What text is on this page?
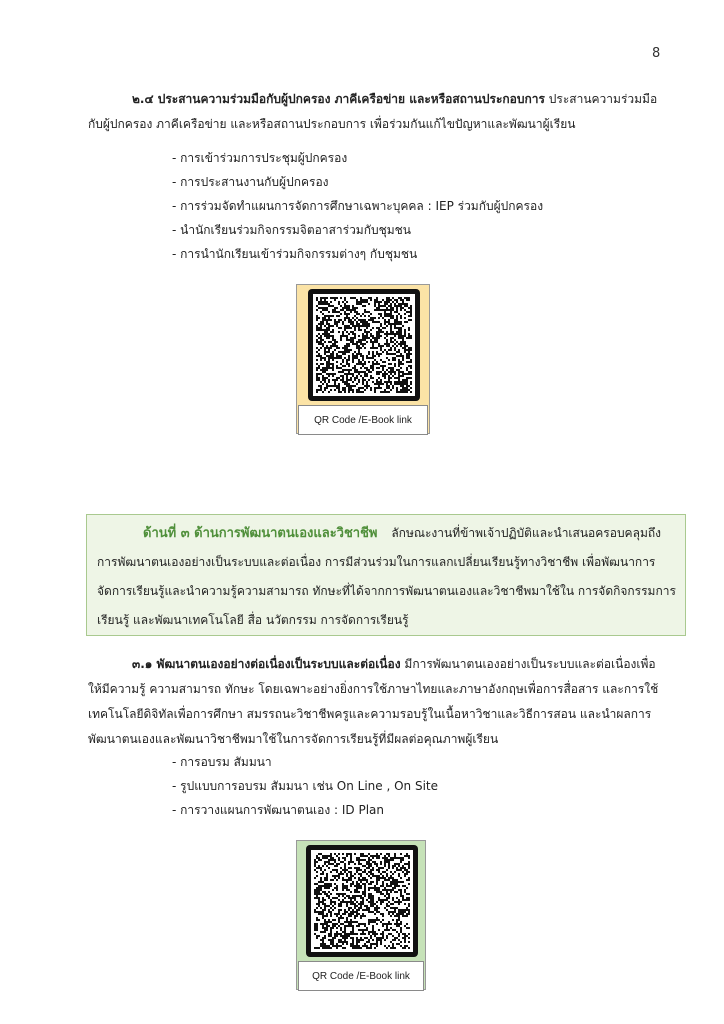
8
๒.๔ ประสานความร่วมมือกับผู้ปกครอง ภาคีเครือข่าย และหรือสถานประกอบการ ประสานความร่วมมือกับผู้ปกครอง ภาคีเครือข่าย และหรือสถานประกอบการ เพื่อร่วมกันแก้ไขปัญหาและพัฒนาผู้เรียน
- การเข้าร่วมการประชุมผู้ปกครอง
- การประสานงานกับผู้ปกครอง
- การร่วมจัดทำแผนการจัดการศึกษาเฉพาะบุคคล : IEP ร่วมกับผู้ปกครอง
- นำนักเรียนร่วมกิจกรรมจิตอาสาร่วมกับชุมชน
- การนำนักเรียนเข้าร่วมกิจกรรมต่างๆ กับชุมชน
QR Code /E-Book link
ด้านที่ ๓ ด้านการพัฒนาตนเองและวิชาชีพ ลักษณะงานที่ข้าพเจ้าปฏิบัติและนำเสนอครอบคลุมถึงการพัฒนาตนเองอย่างเป็นระบบและต่อเนื่อง การมีส่วนร่วมในการแลกเปลี่ยนเรียนรู้ทางวิชาชีพ เพื่อพัฒนาการจัดการเรียนรู้และนำความรู้ความสามารถ ทักษะที่ได้จากการพัฒนาตนเองและวิชาชีพมาใช้ใน การจัดกิจกรรมการเรียนรู้ และพัฒนาเทคโนโลยี สื่อ นวัตกรรม การจัดการเรียนรู้
๓.๑ พัฒนาตนเองอย่างต่อเนื่องเป็นระบบและต่อเนื่อง มีการพัฒนาตนเองอย่างเป็นระบบและต่อเนื่องเพื่อให้มีความรู้ ความสามารถ ทักษะ โดยเฉพาะอย่างยิ่งการใช้ภาษาไทยและภาษาอังกฤษเพื่อการสื่อสาร และการใช้เทคโนโลยีดิจิทัลเพื่อการศึกษา สมรรถนะวิชาชีพครูและความรอบรู้ในเนื้อหาวิชาและวิธีการสอน และนำผลการพัฒนาตนเองและพัฒนาวิชาชีพมาใช้ในการจัดการเรียนรู้ที่มีผลต่อคุณภาพผู้เรียน
- การอบรม สัมมนา
- รูปแบบการอบรม สัมมนา เช่น On Line , On Site
- การวางแผนการพัฒนาตนเอง : ID Plan
QR Code /E-Book link
